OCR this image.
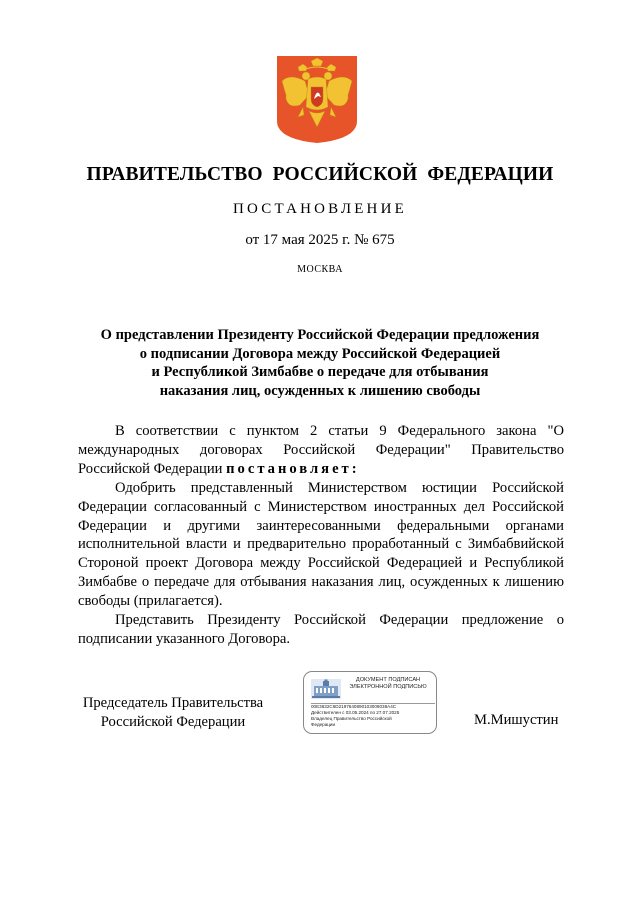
ПРАВИТЕЛЬСТВО РОССИЙСКОЙ ФЕДЕРАЦИИ
ПОСТАНОВЛЕНИЕ
от 17 мая 2025 г. № 675
МОСКВА
О представлении Президенту Российской Федерации предложения
о подписании Договора между Российской Федерацией
и Республикой Зимбабве о передаче для отбывания
наказания лиц, осужденных к лишению свободы

В соответствии с пунктом 2 статьи 9 Федерального закона "О международных договорах Российской Федерации" Правительство Российской Федерации постановляет:

Одобрить представленный Министерством юстиции Российской Федерации согласованный с Министерством иностранных дел Российской Федерации и другими заинтересованными федеральными органами исполнительной власти и предварительно проработанный с Зимбабвийской Стороной проект Договора между Российской Федерацией и Республикой Зимбабве о передаче для отбывания наказания лиц, осужденных к лишению свободы (прилагается).

Представить Президенту Российской Федерации предложение о подписании указанного Договора.

Председатель Правительства
Российской Федерации
ДОКУМЕНТ ПОДПИСАН
ЭЛЕКТРОННОЙ ПОДПИСЬЮ
00E3632C6D2197640890103009038A4C
Действителен с 03.05.2024 по 27.07.2025
Владелец Правительство Российской
Федерации	М.Мишустин
